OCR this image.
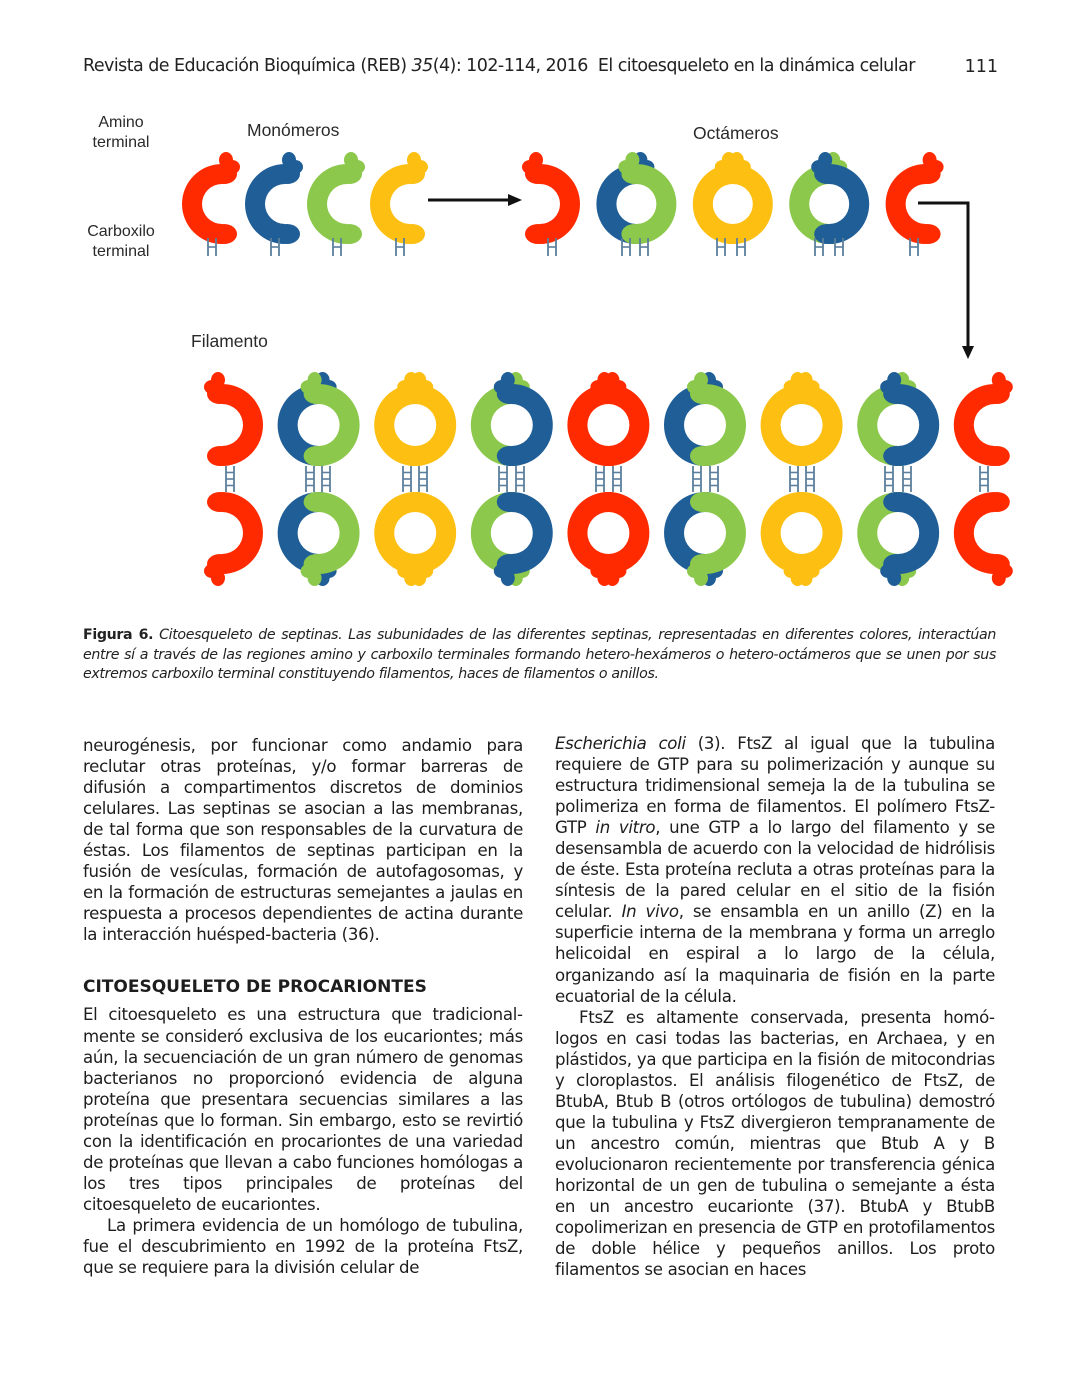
Revista de Educación Bioquímica (REB) 35(4): 102-114, 2016 El citoesqueleto en la dinámica celular	111
Amino
terminal
Carboxilo
terminal
Monómeros	Octámeros
Filamento
Figura 6. Citoesqueleto de septinas. Las subunidades de las diferentes septinas, representadas en diferentes colores, interactúan entre sí a través de las regiones amino y carboxilo terminales formando hetero-hexámeros o hetero-octámeros que se unen por sus extremos carboxilo terminal constituyendo filamentos, haces de filamentos o anillos.

neurogénesis, por funcionar como andamio para reclutar otras proteínas, y/o formar barreras de difusión a compartimentos discretos de dominios celulares. Las septinas se asocian a las membranas, de tal forma que son responsables de la curvatura de éstas. Los filamentos de septinas participan en la fusión de vesículas, formación de autofagosomas, y en la formación de estructuras semejantes a jaulas en respuesta a procesos dependientes de actina durante la interacción huésped-bacteria (36).

CITOESQUELETO DE PROCARIONTES

El citoesqueleto es una estructura que tradicionalmente se consideró exclusiva de los eucariontes; más aún, la secuenciación de un gran número de genomas bacterianos no proporcionó evidencia de alguna proteína que presentara secuencias similares a las proteínas que lo forman. Sin embargo, esto se revirtió con la identificación en procariontes de una variedad de proteínas que llevan a cabo funciones homólogas a los tres tipos principales de proteínas del citoesqueleto de eucariontes.

La primera evidencia de un homólogo de tubulina, fue el descubrimiento en 1992 de la proteína FtsZ, que se requiere para la división celular de

Escherichia coli (3). FtsZ al igual que la tubulina requiere de GTP para su polimerización y aunque su estructura tridimensional semeja la de la tubulina se polimeriza en forma de filamentos. El polímero FtsZ-GTP in vitro, une GTP a lo largo del filamento y se desensambla de acuerdo con la velocidad de hidrólisis de éste. Esta proteína recluta a otras proteínas para la síntesis de la pared celular en el sitio de la fisión celular. In vivo, se ensambla en un anillo (Z) en la superficie interna de la membrana y forma un arreglo helicoidal en espiral a lo largo de la célula, organizando así la maquinaria de fisión en la parte ecuatorial de la célula.

FtsZ es altamente conservada, presenta homólogos en casi todas las bacterias, en Archaea, y en plástidos, ya que participa en la fisión de mitocondrias y cloroplastos. El análisis filogenético de FtsZ, de BtubA, Btub B (otros ortólogos de tubulina) demostró que la tubulina y FtsZ divergieron tempranamente de un ancestro común, mientras que Btub A y B evolucionaron recientemente por transferencia génica horizontal de un gen de tubulina o semejante a ésta en un ancestro eucarionte (37). BtubA y BtubB copolimerizan en presencia de GTP en protofilamentos de doble hélice y pequeños anillos. Los proto filamentos se asocian en haces
